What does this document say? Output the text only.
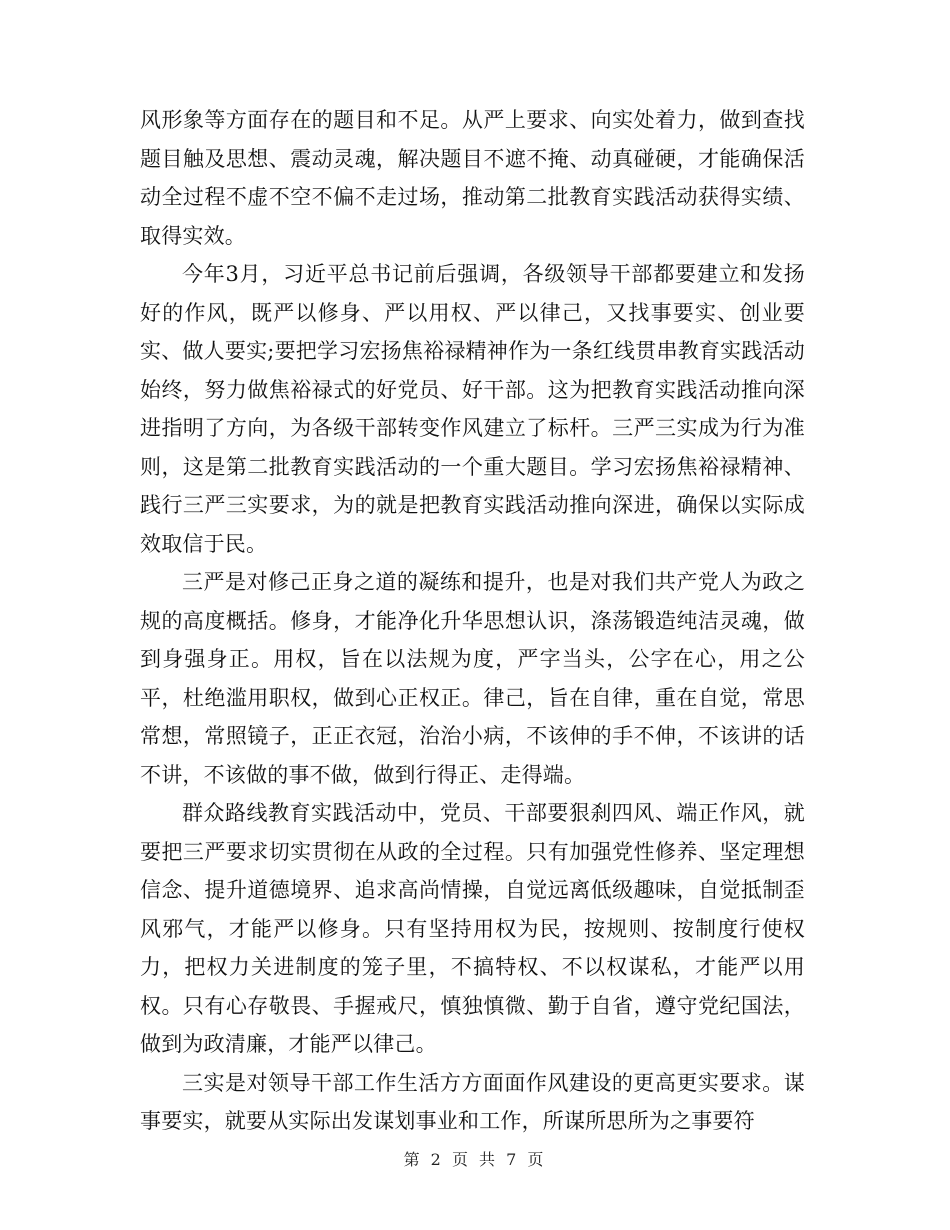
风形象等方面存在的题目和不足。从严上要求、向实处着力，做到查找题目触及思想、震动灵魂，解决题目不遮不掩、动真碰硬，才能确保活动全过程不虚不空不偏不走过场，推动第二批教育实践活动获得实绩、取得实效。

今年3月，习近平总书记前后强调，各级领导干部都要建立和发扬好的作风，既严以修身、严以用权、严以律己，又找事要实、创业要实、做人要实;要把学习宏扬焦裕禄精神作为一条红线贯串教育实践活动始终，努力做焦裕禄式的好党员、好干部。这为把教育实践活动推向深进指明了方向，为各级干部转变作风建立了标杆。三严三实成为行为准则，这是第二批教育实践活动的一个重大题目。学习宏扬焦裕禄精神、践行三严三实要求，为的就是把教育实践活动推向深进，确保以实际成效取信于民。

三严是对修己正身之道的凝练和提升，也是对我们共产党人为政之规的高度概括。修身，才能净化升华思想认识，涤荡锻造纯洁灵魂，做到身强身正。用权，旨在以法规为度，严字当头，公字在心，用之公平，杜绝滥用职权，做到心正权正。律己，旨在自律，重在自觉，常思常想，常照镜子，正正衣冠，治治小病，不该伸的手不伸，不该讲的话不讲，不该做的事不做，做到行得正、走得端。

群众路线教育实践活动中，党员、干部要狠刹四风、端正作风，就要把三严要求切实贯彻在从政的全过程。只有加强党性修养、坚定理想信念、提升道德境界、追求高尚情操，自觉远离低级趣味，自觉抵制歪风邪气，才能严以修身。只有坚持用权为民，按规则、按制度行使权力，把权力关进制度的笼子里，不搞特权、不以权谋私，才能严以用权。只有心存敬畏、手握戒尺，慎独慎微、勤于自省，遵守党纪国法，做到为政清廉，才能严以律己。

三实是对领导干部工作生活方方面面作风建设的更高更实要求。谋事要实，就要从实际出发谋划事业和工作，所谋所思所为之事要符

第 2 页 共 7 页
